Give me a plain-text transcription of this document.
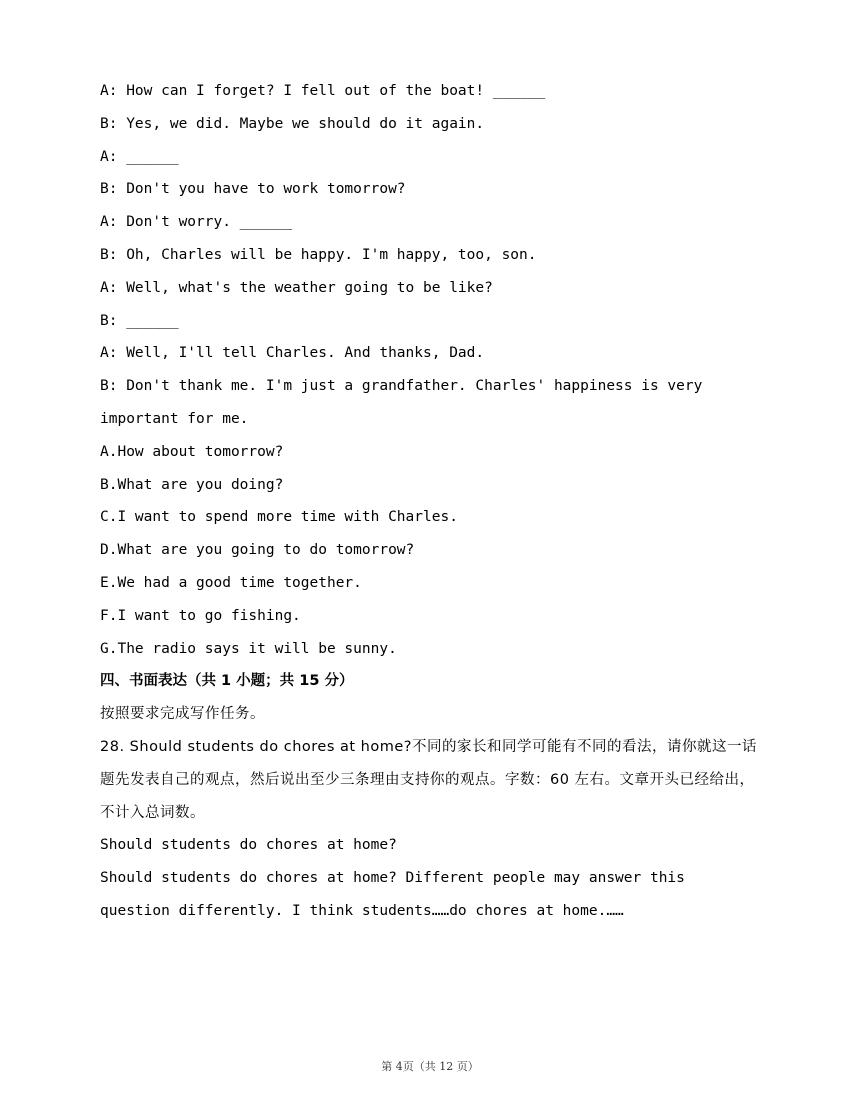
A: How can I forget? I fell out of the boat! ______
B: Yes, we did. Maybe we should do it again.
A: ______
B: Don't you have to work tomorrow?
A: Don't worry. ______
B: Oh, Charles will be happy. I'm happy, too, son.
A: Well, what's the weather going to be like?
B: ______
A: Well, I'll tell Charles. And thanks, Dad.
B: Don't thank me. I'm just a grandfather. Charles' happiness is very important for me.
A.How about tomorrow?
B.What are you doing?
C.I want to spend more time with Charles.
D.What are you going to do tomorrow?
E.We had a good time together.
F.I want to go fishing.
G.The radio says it will be sunny.
四、书面表达（共 1 小题；共 15 分）
按照要求完成写作任务。
28. Should students do chores at home?不同的家长和同学可能有不同的看法，请你就这一话题先发表自己的观点，然后说出至少三条理由支持你的观点。字数：60 左右。文章开头已经给出，不计入总词数。
Should students do chores at home?
Should students do chores at home? Different people may answer this question differently. I think students……do chores at home.……
第 4页（共 12 页）
